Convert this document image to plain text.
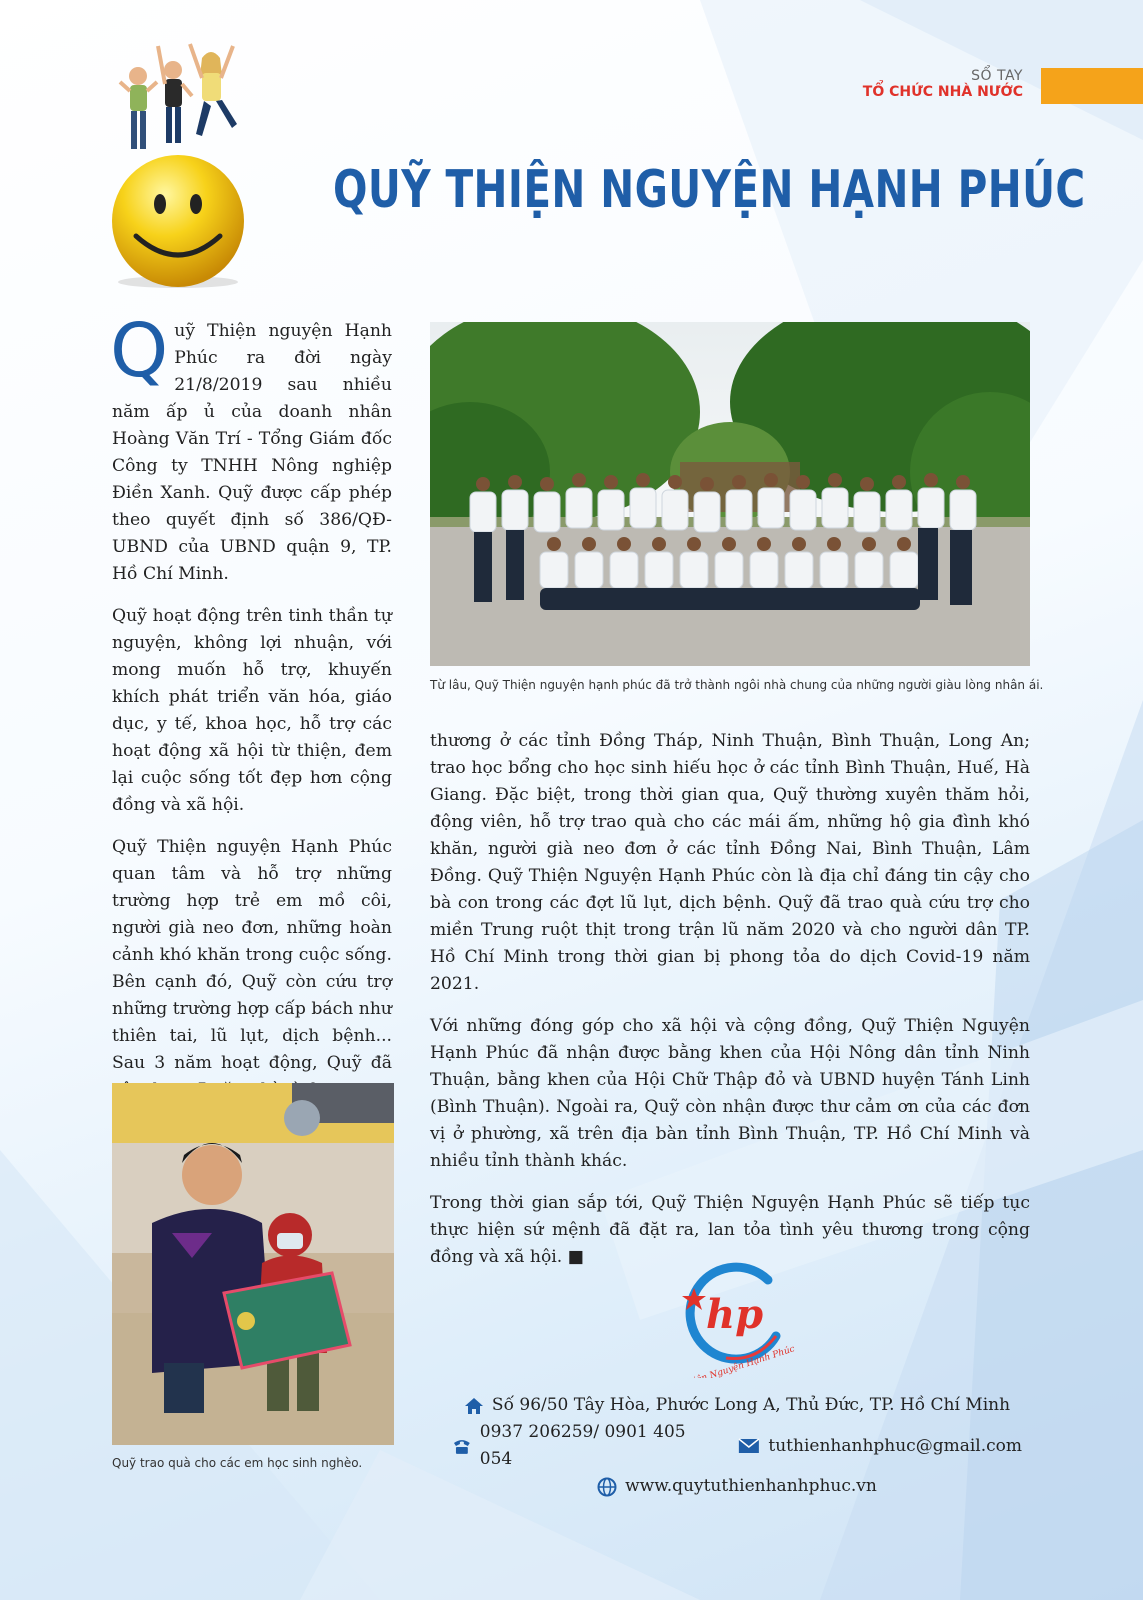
SỔ TAY
TỔ CHỨC NHÀ NƯỚC
QUỸ THIỆN NGUYỆN HẠNH PHÚC

Quỹ Thiện nguyện Hạnh Phúc ra đời ngày 21/8/2019 sau nhiều năm ấp ủ của doanh nhân Hoàng Văn Trí - Tổng Giám đốc Công ty TNHH Nông nghiệp Điền Xanh. Quỹ được cấp phép theo quyết định số 386/QĐ-UBND của UBND quận 9, TP. Hồ Chí Minh.

Quỹ hoạt động trên tinh thần tự nguyện, không lợi nhuận, với mong muốn hỗ trợ, khuyến khích phát triển văn hóa, giáo dục, y tế, khoa học, hỗ trợ các hoạt động xã hội từ thiện, đem lại cuộc sống tốt đẹp hơn cộng đồng và xã hội.

Quỹ Thiện nguyện Hạnh Phúc quan tâm và hỗ trợ những trường hợp trẻ em mồ côi, người già neo đơn, những hoàn cảnh khó khăn trong cuộc sống. Bên cạnh đó, Quỹ còn cứu trợ những trường hợp cấp bách như thiên tai, lũ lụt, dịch bệnh... Sau 3 năm hoạt động, Quỹ đã

Từ lâu, Quỹ Thiện nguyện hạnh phúc đã trở thành ngôi nhà chung của những người giàu lòng nhân ái.

thương ở các tỉnh Đồng Tháp, Ninh Thuận, Bình Thuận, Long An; trao học bổng cho học sinh hiếu học ở các tỉnh Bình Thuận, Huế, Hà Giang. Đặc biệt, trong thời gian qua, Quỹ thường xuyên thăm hỏi, động viên, hỗ trợ trao quà cho các mái ấm, những hộ gia đình khó khăn, người già neo đơn ở các tỉnh Đồng Nai, Bình Thuận, Lâm Đồng. Quỹ Thiện Nguyện Hạnh Phúc còn là địa chỉ đáng tin cậy cho bà con trong các đợt lũ lụt, dịch bệnh. Quỹ đã trao quà cứu trợ cho miền Trung ruột thịt trong trận lũ năm 2020 và cho người dân TP. Hồ Chí Minh trong thời gian bị phong tỏa do dịch Covid-19 năm 2021.

Với những đóng góp cho xã hội và cộng đồng, Quỹ Thiện Nguyện Hạnh Phúc đã nhận được bằng khen của Hội Nông dân tỉnh Ninh Thuận, bằng khen của Hội Chữ Thập đỏ và UBND huyện Tánh Linh (Bình Thuận). Ngoài ra, Quỹ còn nhận được thư cảm ơn của các đơn vị ở phường, xã trên địa bàn tỉnh Bình Thuận, TP. Hồ Chí Minh và nhiều tỉnh thành khác.

Trong thời gian sắp tới, Quỹ Thiện Nguyện Hạnh Phúc sẽ tiếp tục thực hiện sứ mệnh đã đặt ra, lan tỏa tình yêu thương trong cộng đồng và xã hội. ■

Quỹ trao quà cho các em học sinh nghèo.
hp
Thiện Nguyện Hạnh Phúc
Số 96/50 Tây Hòa, Phước Long A, Thủ Đức, TP. Hồ Chí Minh
0937 206259/ 0901 405 054
tuthienhanhphuc@gmail.com
www.quytuthienhanhphuc.vn
